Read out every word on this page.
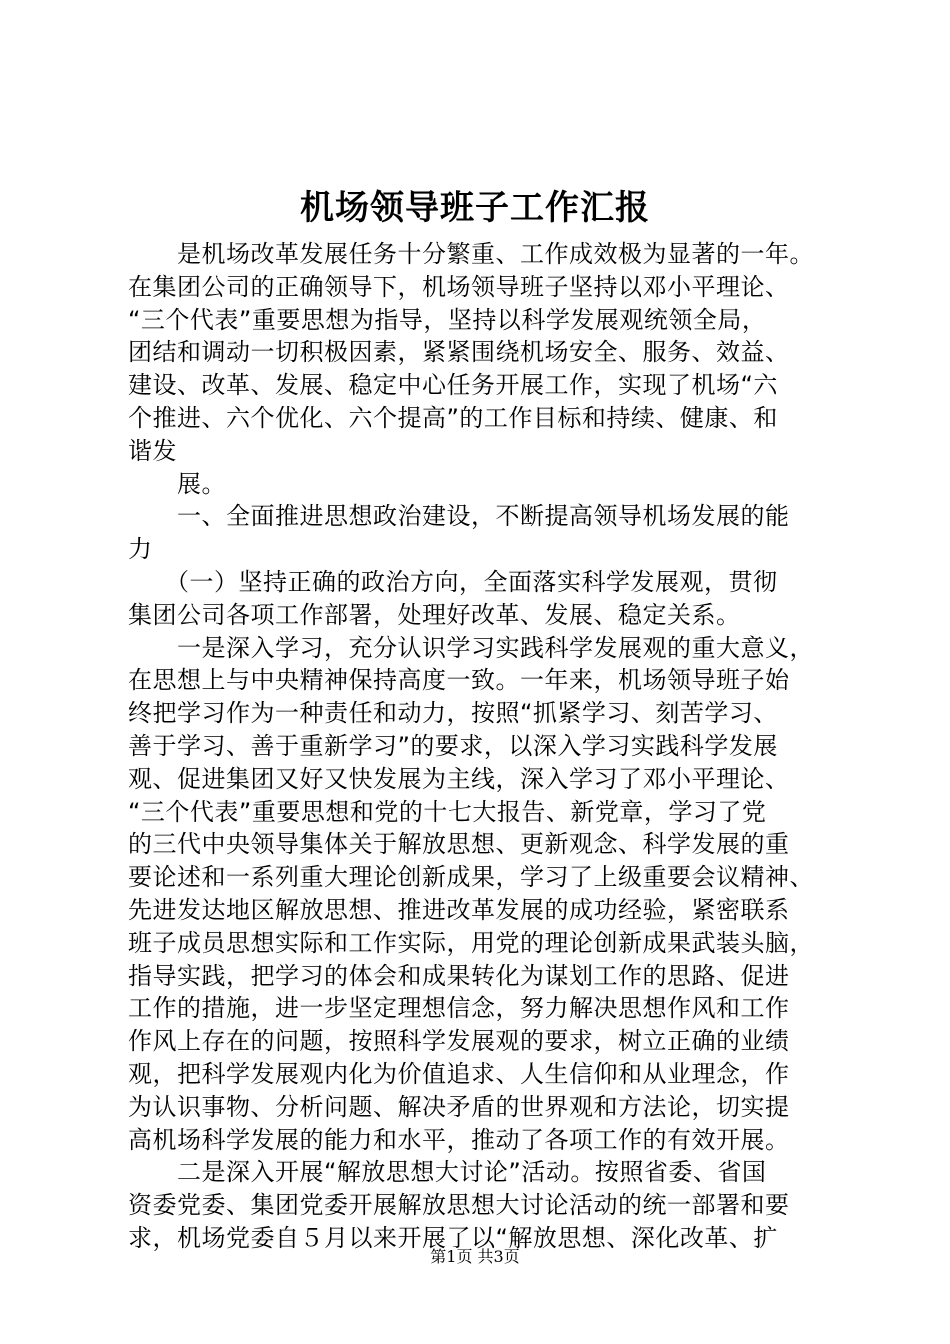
机场领导班子工作汇报
　　是机场改革发展任务十分繁重、工作成效极为显著的一年。
在集团公司的正确领导下，机场领导班子坚持以邓小平理论、
“三个代表”重要思想为指导，坚持以科学发展观统领全局，
团结和调动一切积极因素，紧紧围绕机场安全、服务、效益、
建设、改革、发展、稳定中心任务开展工作，实现了机场“六
个推进、六个优化、六个提高”的工作目标和持续、健康、和
谐发
　　展。
　　一、全面推进思想政治建设，不断提高领导机场发展的能
力
　　（一）坚持正确的政治方向，全面落实科学发展观，贯彻
集团公司各项工作部署，处理好改革、发展、稳定关系。
　　一是深入学习，充分认识学习实践科学发展观的重大意义，
在思想上与中央精神保持高度一致。一年来，机场领导班子始
终把学习作为一种责任和动力，按照“抓紧学习、刻苦学习、
善于学习、善于重新学习”的要求，以深入学习实践科学发展
观、促进集团又好又快发展为主线，深入学习了邓小平理论、
“三个代表”重要思想和党的十七大报告、新党章，学习了党
的三代中央领导集体关于解放思想、更新观念、科学发展的重
要论述和一系列重大理论创新成果，学习了上级重要会议精神、
先进发达地区解放思想、推进改革发展的成功经验，紧密联系
班子成员思想实际和工作实际，用党的理论创新成果武装头脑，
指导实践，把学习的体会和成果转化为谋划工作的思路、促进
工作的措施，进一步坚定理想信念，努力解决思想作风和工作
作风上存在的问题，按照科学发展观的要求，树立正确的业绩
观，把科学发展观内化为价值追求、人生信仰和从业理念，作
为认识事物、分析问题、解决矛盾的世界观和方法论，切实提
高机场科学发展的能力和水平，推动了各项工作的有效开展。
　　二是深入开展“解放思想大讨论”活动。按照省委、省国
资委党委、集团党委开展解放思想大讨论活动的统一部署和要
求，机场党委自５月以来开展了以“解放思想、深化改革、扩
第1页 共3页
